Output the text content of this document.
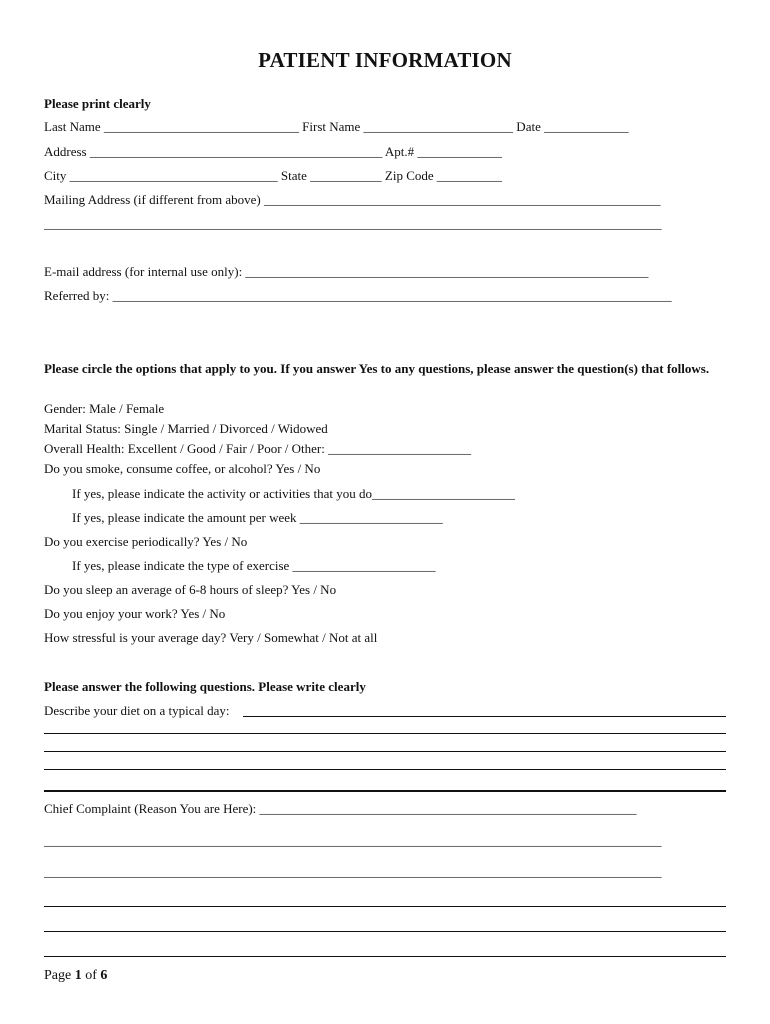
PATIENT INFORMATION
Please print clearly
Last Name ______________________________ First Name _______________________ Date _____________
Address _____________________________________________ Apt.# _____________
City ________________________________ State ___________ Zip Code __________
Mailing Address (if different from above) _____________________________________________________________
_______________________________________________________________________________________________
E-mail address (for internal use only): ______________________________________________________________
Referred by: ______________________________________________________________________________________
Please circle the options that apply to you. If you answer Yes to any questions, please answer the question(s) that follows.
Gender: Male / Female
Marital Status: Single / Married / Divorced / Widowed
Overall Health: Excellent / Good / Fair / Poor / Other: ______________________
Do you smoke, consume coffee, or alcohol? Yes / No
If yes, please indicate the activity or activities that you do______________________
If yes, please indicate the amount per week ______________________
Do you exercise periodically? Yes / No
If yes, please indicate the type of exercise ______________________
Do you sleep an average of 6-8 hours of sleep? Yes / No
Do you enjoy your work? Yes / No
How stressful is your average day? Very / Somewhat / Not at all
Please answer the following questions. Please write clearly
Describe your diet on a typical day:
Chief Complaint (Reason You are Here): __________________________________________________________
_______________________________________________________________________________________________
_______________________________________________________________________________________________
Page 1 of 6
